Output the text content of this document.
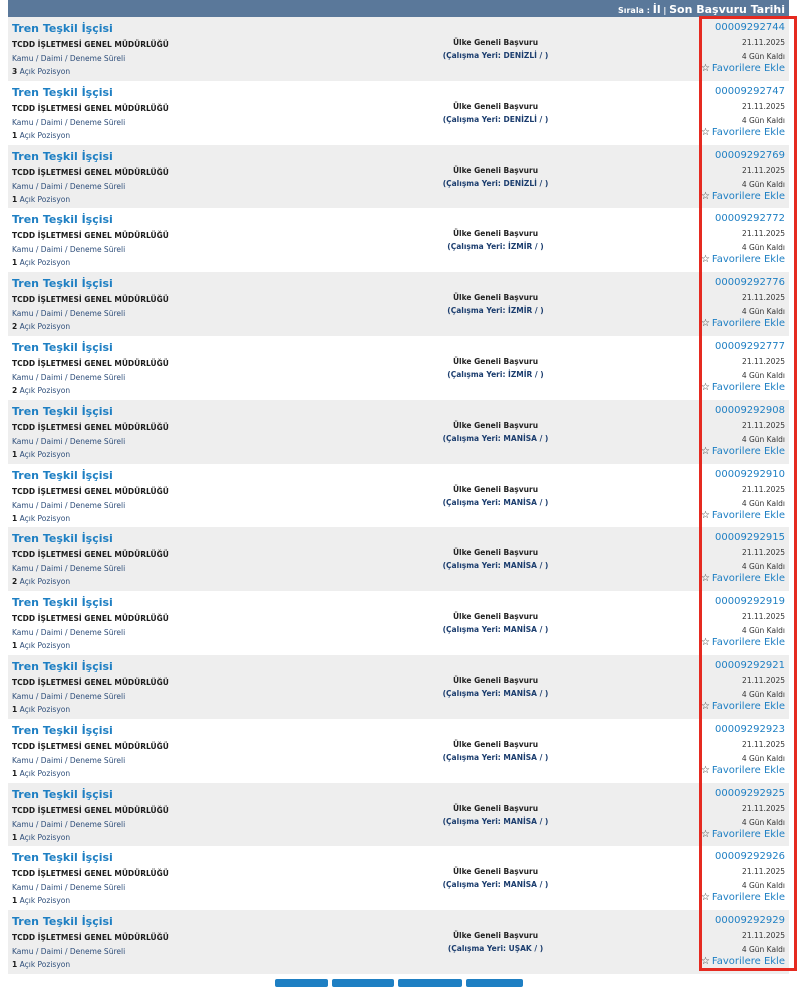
Sırala : İl | Son Başvuru Tarihi
Tren Teşkil İşçisi
TCDD İŞLETMESİ GENEL MÜDÜRLÜĞÜ
Kamu / Daimi / Deneme Süreli
3 Açık Pozisyon
Ülke Geneli Başvuru
(Çalışma Yeri: DENİZLİ / )
00009292744
21.11.2025
4 Gün Kaldı
☆ Favorilere Ekle
Tren Teşkil İşçisi
TCDD İŞLETMESİ GENEL MÜDÜRLÜĞÜ
Kamu / Daimi / Deneme Süreli
1 Açık Pozisyon
Ülke Geneli Başvuru
(Çalışma Yeri: DENİZLİ / )
00009292747
21.11.2025
4 Gün Kaldı
☆ Favorilere Ekle
Tren Teşkil İşçisi
TCDD İŞLETMESİ GENEL MÜDÜRLÜĞÜ
Kamu / Daimi / Deneme Süreli
1 Açık Pozisyon
Ülke Geneli Başvuru
(Çalışma Yeri: DENİZLİ / )
00009292769
21.11.2025
4 Gün Kaldı
☆ Favorilere Ekle
Tren Teşkil İşçisi
TCDD İŞLETMESİ GENEL MÜDÜRLÜĞÜ
Kamu / Daimi / Deneme Süreli
1 Açık Pozisyon
Ülke Geneli Başvuru
(Çalışma Yeri: İZMİR / )
00009292772
21.11.2025
4 Gün Kaldı
☆ Favorilere Ekle
Tren Teşkil İşçisi
TCDD İŞLETMESİ GENEL MÜDÜRLÜĞÜ
Kamu / Daimi / Deneme Süreli
2 Açık Pozisyon
Ülke Geneli Başvuru
(Çalışma Yeri: İZMİR / )
00009292776
21.11.2025
4 Gün Kaldı
☆ Favorilere Ekle
Tren Teşkil İşçisi
TCDD İŞLETMESİ GENEL MÜDÜRLÜĞÜ
Kamu / Daimi / Deneme Süreli
2 Açık Pozisyon
Ülke Geneli Başvuru
(Çalışma Yeri: İZMİR / )
00009292777
21.11.2025
4 Gün Kaldı
☆ Favorilere Ekle
Tren Teşkil İşçisi
TCDD İŞLETMESİ GENEL MÜDÜRLÜĞÜ
Kamu / Daimi / Deneme Süreli
1 Açık Pozisyon
Ülke Geneli Başvuru
(Çalışma Yeri: MANİSA / )
00009292908
21.11.2025
4 Gün Kaldı
☆ Favorilere Ekle
Tren Teşkil İşçisi
TCDD İŞLETMESİ GENEL MÜDÜRLÜĞÜ
Kamu / Daimi / Deneme Süreli
1 Açık Pozisyon
Ülke Geneli Başvuru
(Çalışma Yeri: MANİSA / )
00009292910
21.11.2025
4 Gün Kaldı
☆ Favorilere Ekle
Tren Teşkil İşçisi
TCDD İŞLETMESİ GENEL MÜDÜRLÜĞÜ
Kamu / Daimi / Deneme Süreli
2 Açık Pozisyon
Ülke Geneli Başvuru
(Çalışma Yeri: MANİSA / )
00009292915
21.11.2025
4 Gün Kaldı
☆ Favorilere Ekle
Tren Teşkil İşçisi
TCDD İŞLETMESİ GENEL MÜDÜRLÜĞÜ
Kamu / Daimi / Deneme Süreli
1 Açık Pozisyon
Ülke Geneli Başvuru
(Çalışma Yeri: MANİSA / )
00009292919
21.11.2025
4 Gün Kaldı
☆ Favorilere Ekle
Tren Teşkil İşçisi
TCDD İŞLETMESİ GENEL MÜDÜRLÜĞÜ
Kamu / Daimi / Deneme Süreli
1 Açık Pozisyon
Ülke Geneli Başvuru
(Çalışma Yeri: MANİSA / )
00009292921
21.11.2025
4 Gün Kaldı
☆ Favorilere Ekle
Tren Teşkil İşçisi
TCDD İŞLETMESİ GENEL MÜDÜRLÜĞÜ
Kamu / Daimi / Deneme Süreli
1 Açık Pozisyon
Ülke Geneli Başvuru
(Çalışma Yeri: MANİSA / )
00009292923
21.11.2025
4 Gün Kaldı
☆ Favorilere Ekle
Tren Teşkil İşçisi
TCDD İŞLETMESİ GENEL MÜDÜRLÜĞÜ
Kamu / Daimi / Deneme Süreli
1 Açık Pozisyon
Ülke Geneli Başvuru
(Çalışma Yeri: MANİSA / )
00009292925
21.11.2025
4 Gün Kaldı
☆ Favorilere Ekle
Tren Teşkil İşçisi
TCDD İŞLETMESİ GENEL MÜDÜRLÜĞÜ
Kamu / Daimi / Deneme Süreli
1 Açık Pozisyon
Ülke Geneli Başvuru
(Çalışma Yeri: MANİSA / )
00009292926
21.11.2025
4 Gün Kaldı
☆ Favorilere Ekle
Tren Teşkil İşçisi
TCDD İŞLETMESİ GENEL MÜDÜRLÜĞÜ
Kamu / Daimi / Deneme Süreli
1 Açık Pozisyon
Ülke Geneli Başvuru
(Çalışma Yeri: UŞAK / )
00009292929
21.11.2025
4 Gün Kaldı
☆ Favorilere Ekle
